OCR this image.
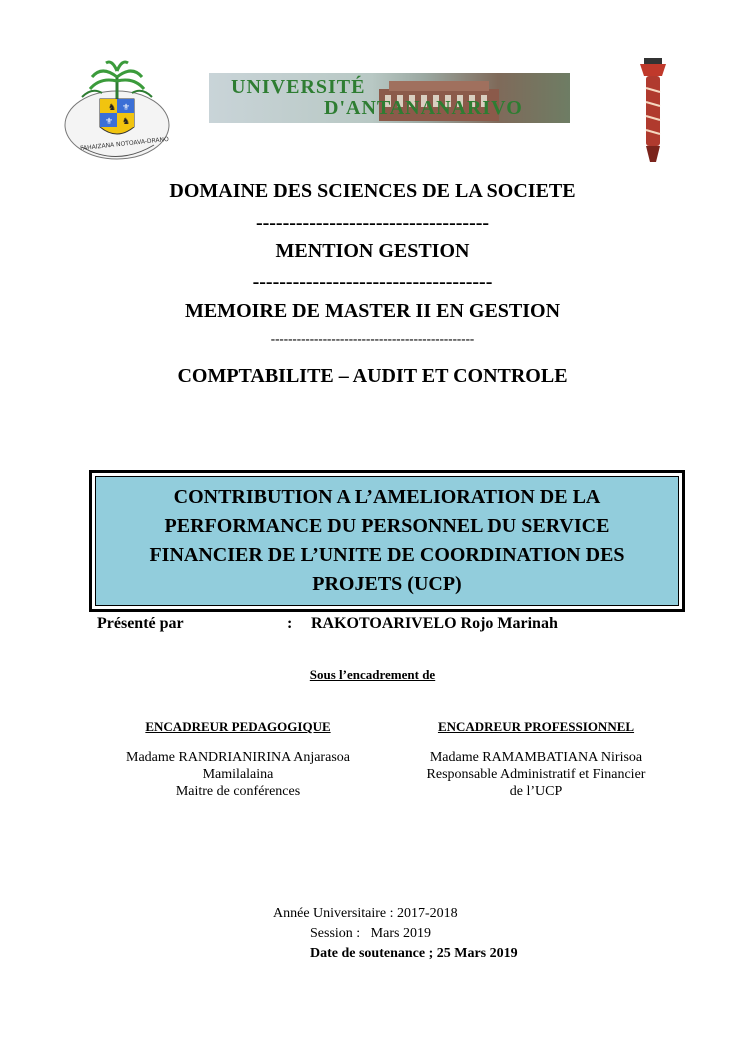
♞ ⚜
⚜ ♞
FAHAIZANA NOTOAVA-DRANO
UNIVERSITÉ
D'ANTANANARIVO
DOMAINE DES SCIENCES DE LA SOCIETE
-----------------------------------
MENTION GESTION
------------------------------------
MEMOIRE DE MASTER II EN GESTION
-----------------------------------------------
COMPTABILITE – AUDIT ET CONTROLE
CONTRIBUTION A L’AMELIORATION DE LA PERFORMANCE DU PERSONNEL DU SERVICE FINANCIER DE L’UNITE DE COORDINATION DES PROJETS (UCP)
Présenté par	: RAKOTOARIVELO Rojo Marinah
Sous l’encadrement de
ENCADREUR PEDAGOGIQUE
Madame RANDRIANIRINA Anjarasoa
Mamilalaina
Maitre de conférences
ENCADREUR PROFESSIONNEL
Madame RAMAMBATIANA Nirisoa
Responsable Administratif et Financier
de l’UCP
Année Universitaire : 2017-2018
Session :   Mars 2019
Date de soutenance ; 25 Mars 2019
